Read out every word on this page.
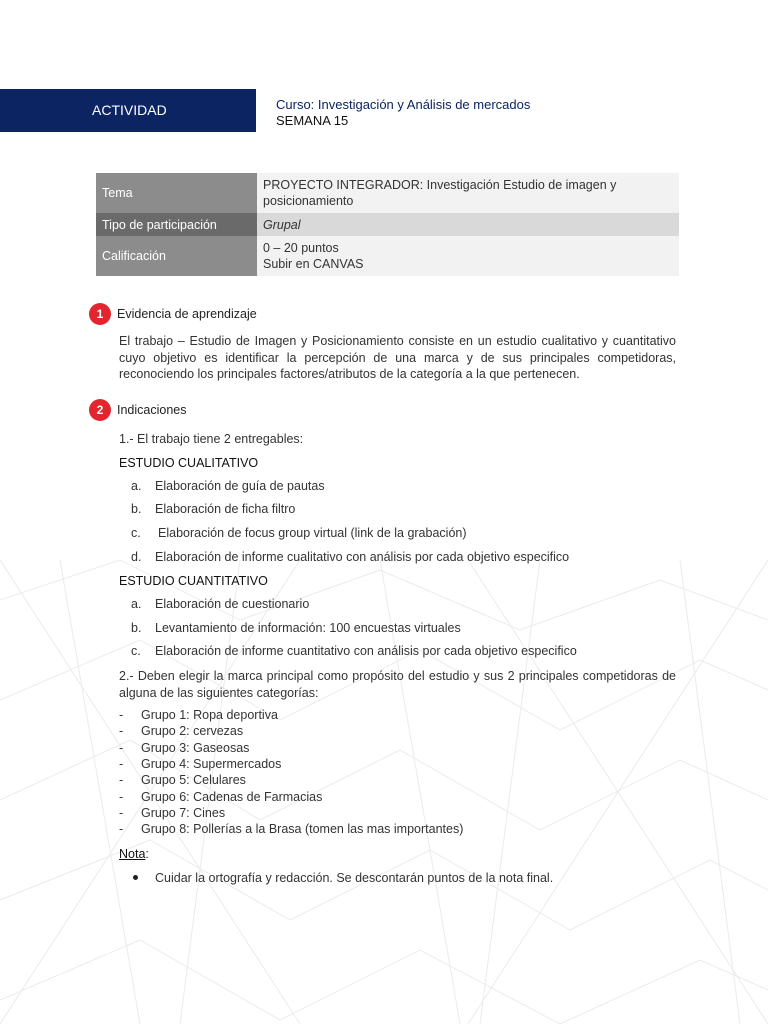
ACTIVIDAD	Curso: Investigación y Análisis de mercados
SEMANA 15
Tema	PROYECTO INTEGRADOR: Investigación Estudio de imagen y posicionamiento
Tipo de participación	Grupal
Calificación	0 – 20 puntos
Subir en CANVAS
1	Evidencia de aprendizaje
El trabajo – Estudio de Imagen y Posicionamiento consiste en un estudio cualitativo y cuantitativo cuyo objetivo es identificar la percepción de una marca y de sus principales competidoras, reconociendo los principales factores/atributos de la categoría a la que pertenecen.
2	Indicaciones
1.- El trabajo tiene 2 entregables:
ESTUDIO CUALITATIVO
a. Elaboración de guía de pautas
b. Elaboración de ficha filtro
c. Elaboración de focus group virtual (link de la grabación)
d. Elaboración de informe cualitativo con análisis por cada objetivo especifico
ESTUDIO CUANTITATIVO
a. Elaboración de cuestionario
b. Levantamiento de información: 100 encuestas virtuales
c. Elaboración de informe cuantitativo con análisis por cada objetivo especifico
2.- Deben elegir la marca principal como propósito del estudio y sus 2 principales competidoras de alguna de las siguientes categorías:
- Grupo 1: Ropa deportiva
- Grupo 2: cervezas
- Grupo 3: Gaseosas
- Grupo 4: Supermercados
- Grupo 5: Celulares
- Grupo 6: Cadenas de Farmacias
- Grupo 7: Cines
- Grupo 8: Pollerías a la Brasa (tomen las mas importantes)
Nota:
Cuidar la ortografía y redacción. Se descontarán puntos de la nota final.
